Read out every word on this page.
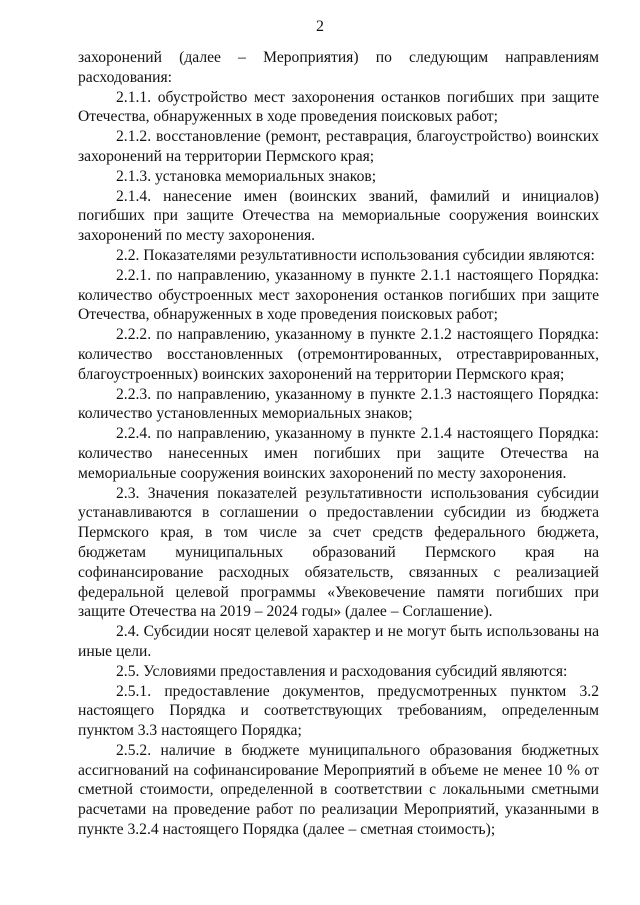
2

захоронений (далее – Мероприятия) по следующим направлениям расходования:

2.1.1. обустройство мест захоронения останков погибших при защите Отечества, обнаруженных в ходе проведения поисковых работ;

2.1.2. восстановление (ремонт, реставрация, благоустройство) воинских захоронений на территории Пермского края;

2.1.3. установка мемориальных знаков;

2.1.4. нанесение имен (воинских званий, фамилий и инициалов) погибших при защите Отечества на мемориальные сооружения воинских захоронений по месту захоронения.

2.2. Показателями результативности использования субсидии являются:

2.2.1. по направлению, указанному в пункте 2.1.1 настоящего Порядка: количество обустроенных мест захоронения останков погибших при защите Отечества, обнаруженных в ходе проведения поисковых работ;

2.2.2. по направлению, указанному в пункте 2.1.2 настоящего Порядка: количество восстановленных (отремонтированных, отреставрированных, благоустроенных) воинских захоронений на территории Пермского края;

2.2.3. по направлению, указанному в пункте 2.1.3 настоящего Порядка: количество установленных мемориальных знаков;

2.2.4. по направлению, указанному в пункте 2.1.4 настоящего Порядка: количество нанесенных имен погибших при защите Отечества на мемориальные сооружения воинских захоронений по месту захоронения.

2.3. Значения показателей результативности использования субсидии устанавливаются в соглашении о предоставлении субсидии из бюджета Пермского края, в том числе за счет средств федерального бюджета, бюджетам муниципальных образований Пермского края на софинансирование расходных обязательств, связанных с реализацией федеральной целевой программы «Увековечение памяти погибших при защите Отечества на 2019 – 2024 годы» (далее – Соглашение).

2.4. Субсидии носят целевой характер и не могут быть использованы на иные цели.

2.5. Условиями предоставления и расходования субсидий являются:

2.5.1. предоставление документов, предусмотренных пунктом 3.2 настоящего Порядка и соответствующих требованиям, определенным пунктом 3.3 настоящего Порядка;

2.5.2. наличие в бюджете муниципального образования бюджетных ассигнований на софинансирование Мероприятий в объеме не менее 10 % от сметной стоимости, определенной в соответствии с локальными сметными расчетами на проведение работ по реализации Мероприятий, указанными в пункте 3.2.4 настоящего Порядка (далее – сметная стоимость);
